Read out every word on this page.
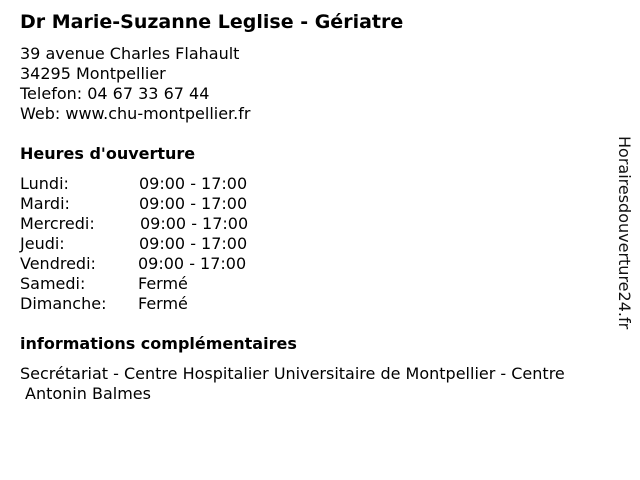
Dr Marie-Suzanne Leglise - Gériatre
39 avenue Charles Flahault
34295 Montpellier
Telefon: 04 67 33 67 44
Web: www.chu-montpellier.fr
Heures d'ouverture
Lundi:	09:00 - 17:00
Mardi:	09:00 - 17:00
Mercredi:	09:00 - 17:00
Jeudi:	09:00 - 17:00
Vendredi:	09:00 - 17:00
Samedi:	Fermé
Dimanche: Fermé
informations complémentaires
Secrétariat - Centre Hospitalier Universitaire de Montpellier - Centre
Antonin Balmes
Horairesdouverture24.fr
